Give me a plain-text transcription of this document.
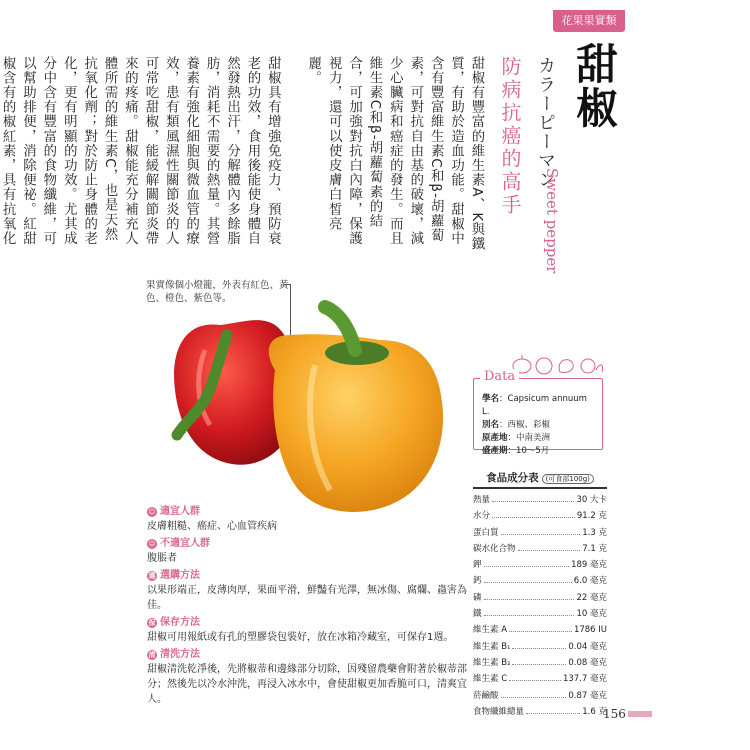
花果果實類
甜椒
カラーピーマン
Sweet pepper
防病抗癌的高手

甜椒有豐富的維生素A、K與鐵質，有助於造血功能。甜椒中含有豐富維生素C和β-胡蘿蔔素，可對抗自由基的破壞，減少心臟病和癌症的發生。而且維生素C和β-胡蘿蔔素的結合，可加強對抗白內障，保護視力，還可以使皮膚白皙亮麗。

甜椒具有增強免疫力、預防衰老的功效，食用後能使身體自然發熱出汗，分解體內多餘脂肪，消耗不需要的熱量。其營養素有強化細胞與微血管的療效，患有類風濕性關節炎的人可常吃甜椒，能緩解關節炎帶來的疼痛。甜椒能充分補充人體所需的維生素C，也是天然抗氧化劑；對於防止身體的老化，更有明顯的功效。尤其成分中含有豐富的食物纖維，可以幫助排便，消除便祕。紅甜椒含有的椒紅素，具有抗氧化

果實像個小燈籠，外表有紅色、黃色、橙色、紫色等。
學名：Capsicum annuum L.
別名：西椒、彩椒
原產地：中南美洲
盛產期：10～5月
Data
食品成分表 (可食部100g)
熱量	30 大卡
水分	91.2 克
蛋白質	1.3 克
碳水化合物	7.1 克
鉀	189 毫克
鈣	6.0 毫克
磷	22 毫克
鐵	10 毫克
維生素 A	1786 IU
維生素 B₁	0.04 毫克
維生素 B₂	0.08 毫克
維生素 C	137.7 毫克
菸鹼酸	0.87 毫克
食物纖維總量	1.6 克
☺ 適宜人群
皮膚粗糙、癌症、心血管疾病
☹ 不適宜人群
腹脹者
選 選購方法
以果形端正，皮薄肉厚，果面平滑，鮮豔有光澤，無冰傷、腐爛、蟲害為佳。
保 保存方法
甜椒可用報紙或有孔的塑膠袋包裝好，放在冰箱冷藏室，可保存1週。
清 清洗方法
甜椒清洗乾淨後，先將椒蒂和邊緣部分切除，因殘留農藥會附著於椒蒂部分；然後先以冷水沖洗，再浸入冰水中，會使甜椒更加香脆可口，清爽宜人。
156
